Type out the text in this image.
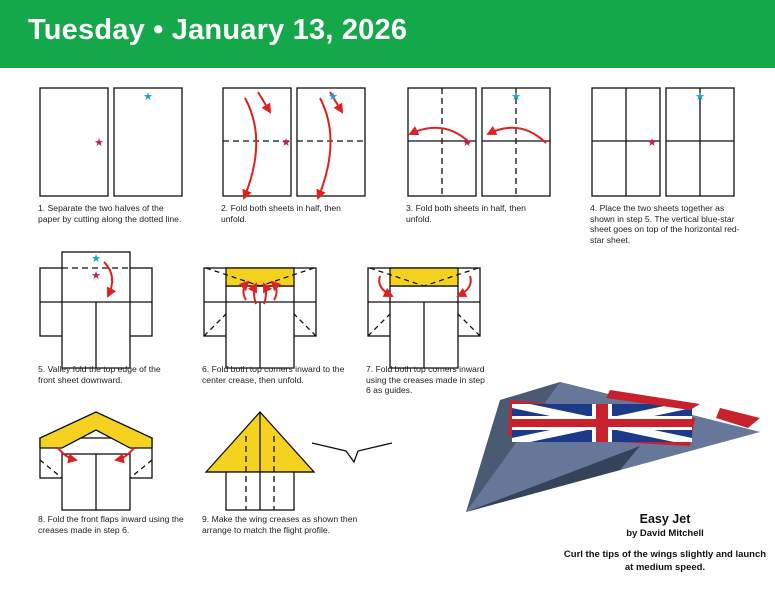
Tuesday • January 13, 2026
★
★	★
★
★
★
★
★
★
★
1. Separate the two halves of the paper by cutting along the dotted line.
2. Fold both sheets in half, then unfold.
3. Fold both sheets in half, then unfold.
4. Place the two sheets together as shown in step 5. The vertical blue-star sheet goes on top of the horizontal red-star sheet.
5. Valley fold the top edge of the front sheet downward.
6. Fold both top corners inward to the center crease, then unfold.
7. Fold both top corners inward using the creases made in step 6 as guides.
8. Fold the front flaps inward using the creases made in step 6.
9. Make the wing creases as shown then arrange to match the flight profile.
Easy Jet
by David Mitchell
Curl the tips of the wings slightly and launch at medium speed.
